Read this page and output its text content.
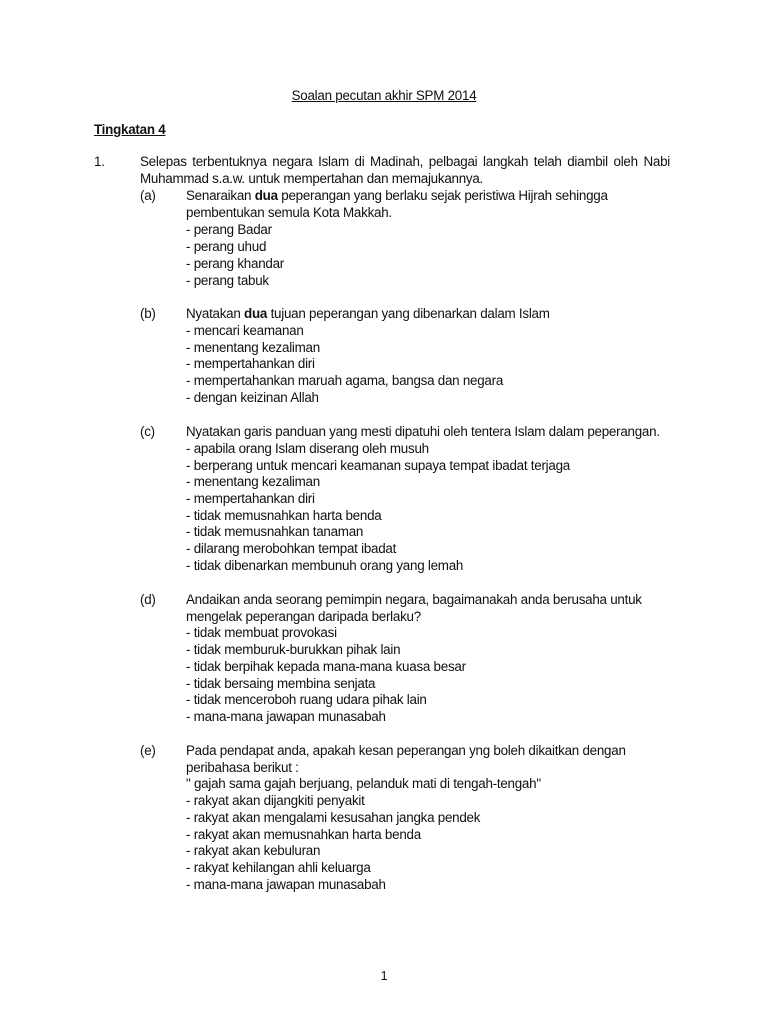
Soalan pecutan akhir SPM 2014
Tingkatan 4
1.	Selepas terbentuknya negara Islam di Madinah, pelbagai langkah telah diambil oleh Nabi Muhammad s.a.w. untuk mempertahan dan memajukannya.
(a) Senaraikan dua peperangan yang berlaku sejak peristiwa Hijrah sehingga
pembentukan semula Kota Makkah.
- perang Badar
- perang uhud
- perang khandar
- perang tabuk
(b) Nyatakan dua tujuan peperangan yang dibenarkan dalam Islam
- mencari keamanan
- menentang kezaliman
- mempertahankan diri
- mempertahankan maruah agama, bangsa dan negara
- dengan keizinan Allah
(c) Nyatakan garis panduan yang mesti dipatuhi oleh tentera Islam dalam peperangan.
- apabila orang Islam diserang oleh musuh
- berperang untuk mencari keamanan supaya tempat ibadat terjaga
- menentang kezaliman
- mempertahankan diri
- tidak memusnahkan harta benda
- tidak memusnahkan tanaman
- dilarang merobohkan tempat ibadat
- tidak dibenarkan membunuh orang yang lemah
(d) Andaikan anda seorang pemimpin negara, bagaimanakah anda berusaha untuk
mengelak peperangan daripada berlaku?
- tidak membuat provokasi
- tidak memburuk-burukkan pihak lain
- tidak berpihak kepada mana-mana kuasa besar
- tidak bersaing membina senjata
- tidak menceroboh ruang udara pihak lain
- mana-mana jawapan munasabah
(e) Pada pendapat anda, apakah kesan peperangan yng boleh dikaitkan dengan
peribahasa berikut :
" gajah sama gajah berjuang, pelanduk mati di tengah-tengah"
- rakyat akan dijangkiti penyakit
- rakyat akan mengalami kesusahan jangka pendek
- rakyat akan memusnahkan harta benda
- rakyat akan kebuluran
- rakyat kehilangan ahli keluarga
- mana-mana jawapan munasabah
1
